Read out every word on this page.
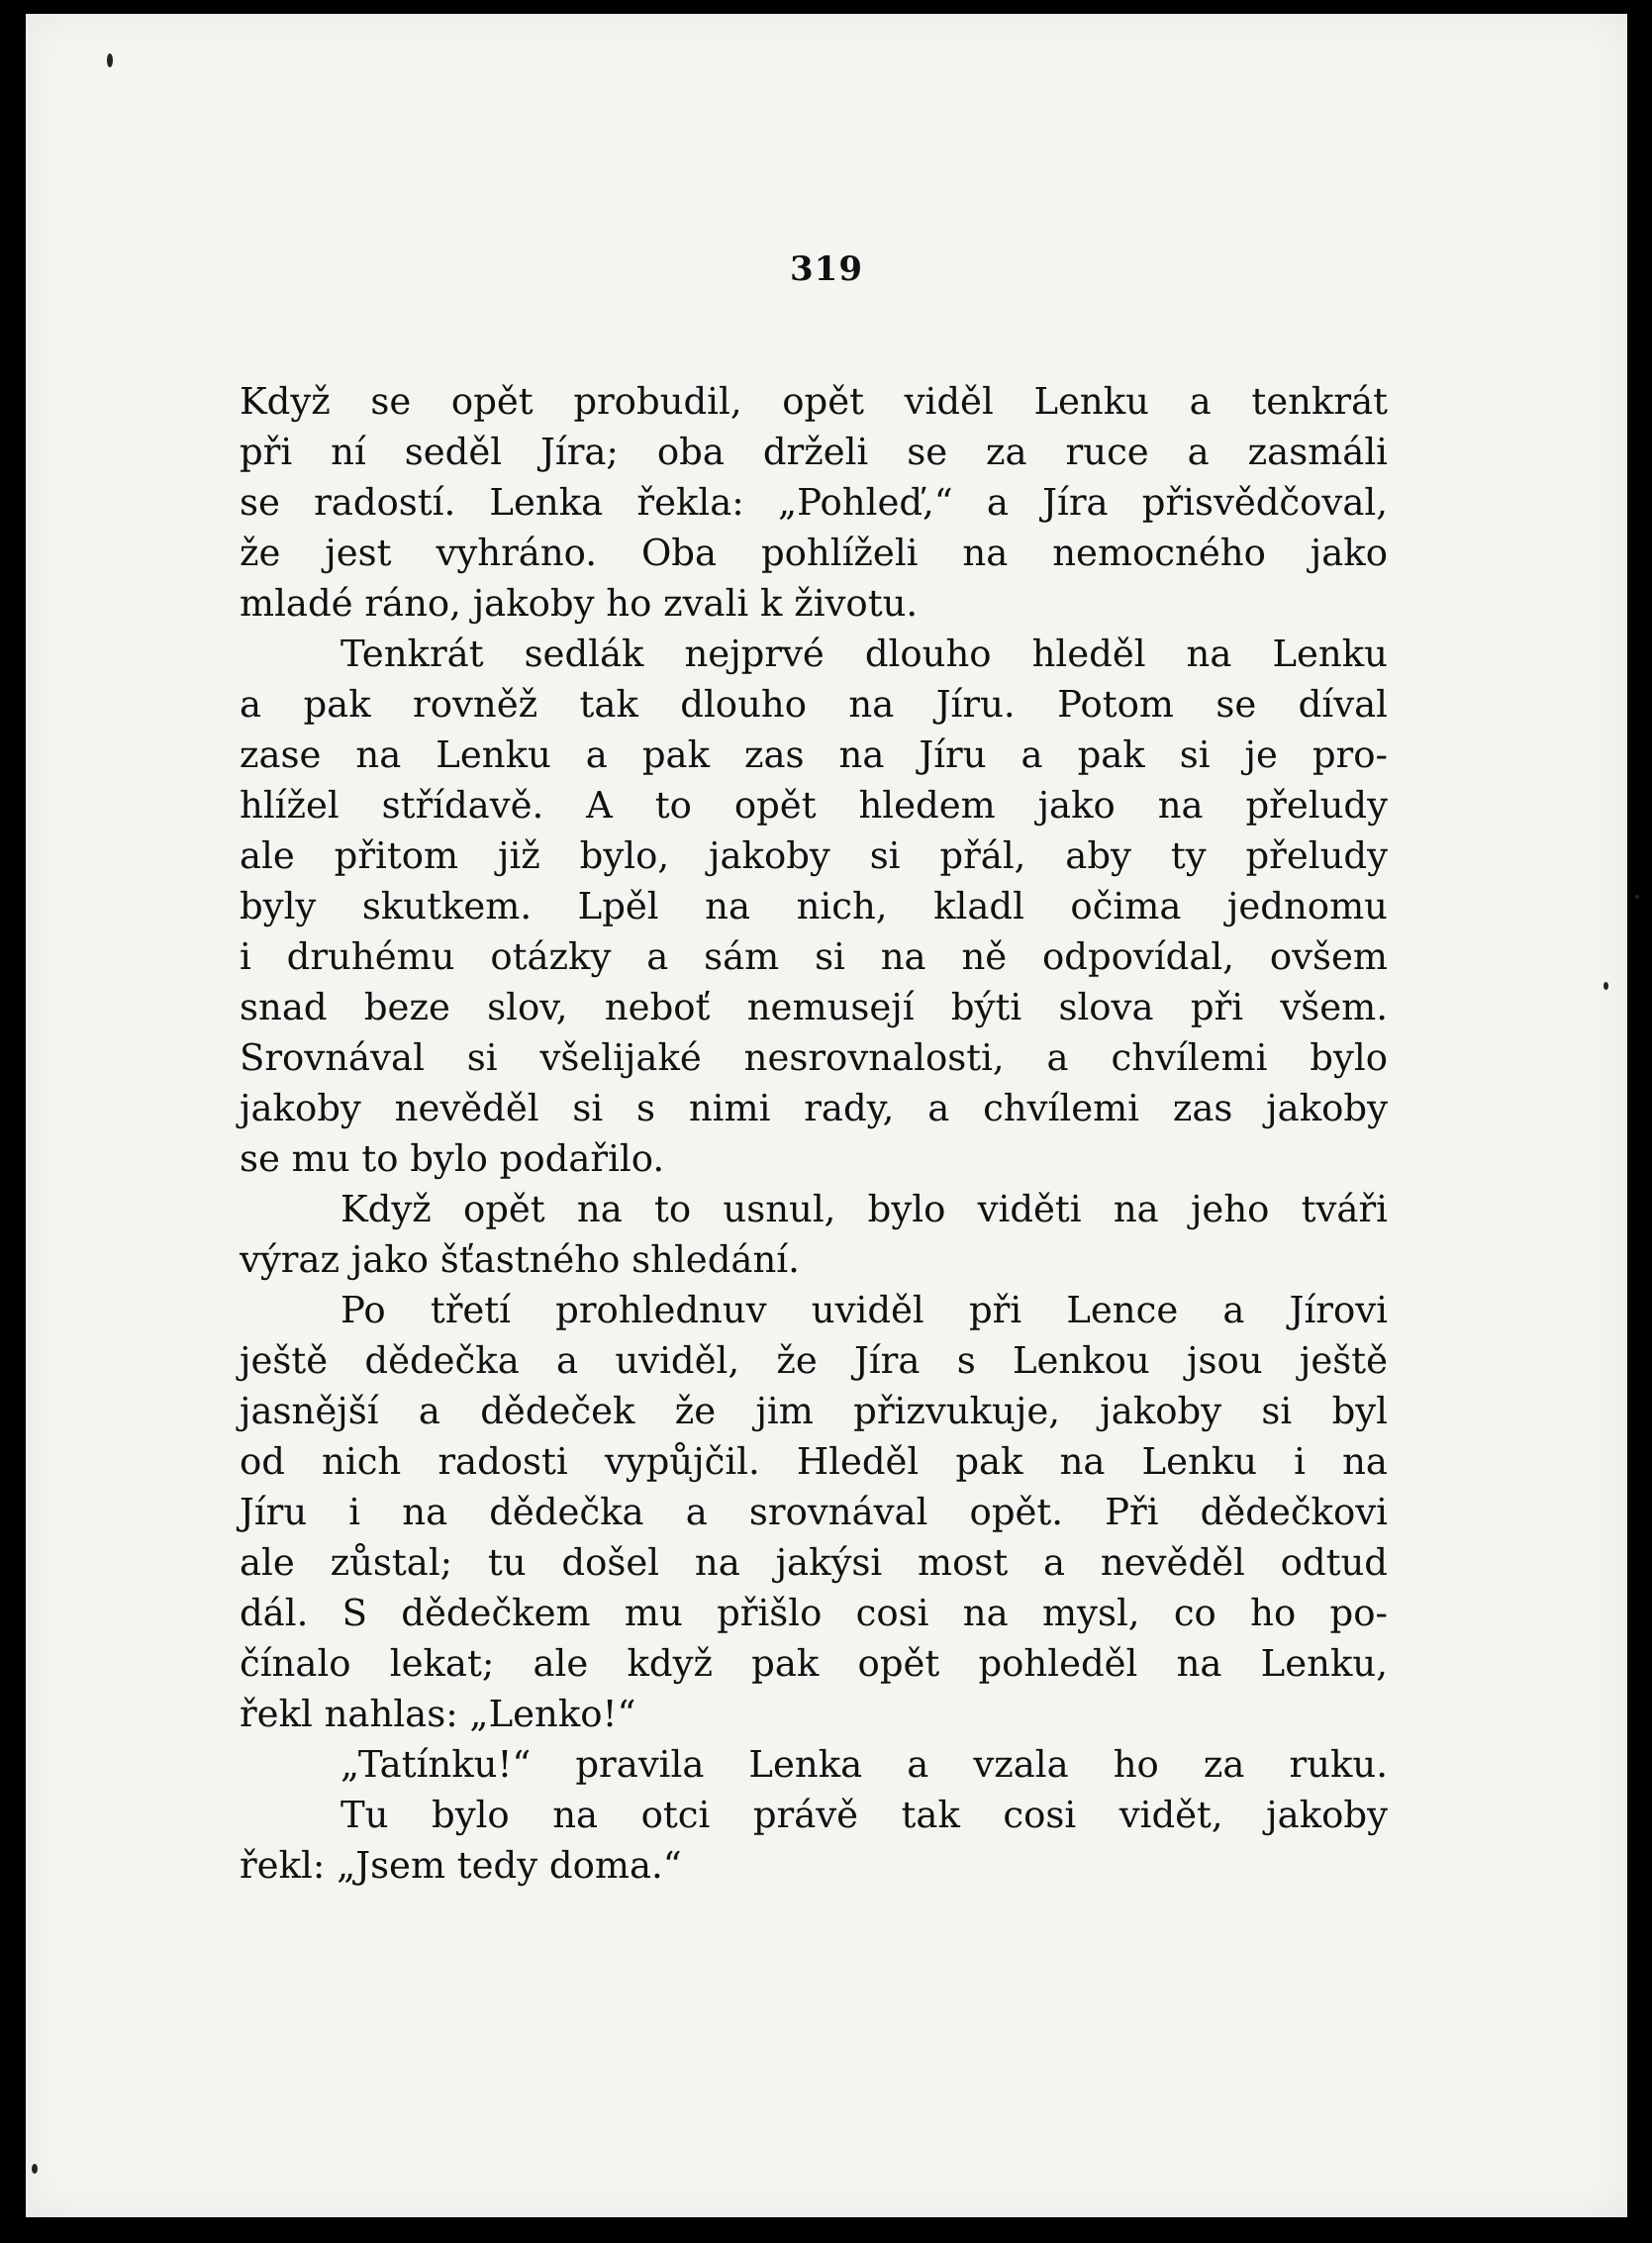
319
Když se opět probudil, opět viděl Lenku a tenkrát
při ní seděl Jíra; oba drželi se za ruce a zasmáli
se radostí. Lenka řekla: „Pohleď,“ a Jíra přisvědčoval,
že jest vyhráno. Oba pohlíželi na nemocného jako
mladé ráno, jakoby ho zvali k životu.
Tenkrát sedlák nejprvé dlouho hleděl na Lenku
a pak rovněž tak dlouho na Jíru. Potom se díval
zase na Lenku a pak zas na Jíru a pak si je pro-
hlížel střídavě. A to opět hledem jako na přeludy
ale přitom již bylo, jakoby si přál, aby ty přeludy
byly skutkem. Lpěl na nich, kladl očima jednomu
i druhému otázky a sám si na ně odpovídal, ovšem
snad beze slov, neboť nemusejí býti slova při všem.
Srovnával si všelijaké nesrovnalosti, a chvílemi bylo
jakoby nevěděl si s nimi rady, a chvílemi zas jakoby
se mu to bylo podařilo.
Když opět na to usnul, bylo viděti na jeho tváři
výraz jako šťastného shledání.
Po třetí prohlednuv uviděl při Lence a Jírovi
ještě dědečka a uviděl, že Jíra s Lenkou jsou ještě
jasnější a dědeček že jim přizvukuje, jakoby si byl
od nich radosti vypůjčil. Hleděl pak na Lenku i na
Jíru i na dědečka a srovnával opět. Při dědečkovi
ale zůstal; tu došel na jakýsi most a nevěděl odtud
dál. S dědečkem mu přišlo cosi na mysl, co ho po-
čínalo lekat; ale když pak opět pohleděl na Lenku,
řekl nahlas: „Lenko!“
„Tatínku!“ pravila Lenka a vzala ho za ruku.
Tu bylo na otci právě tak cosi vidět, jakoby
řekl: „Jsem tedy doma.“
